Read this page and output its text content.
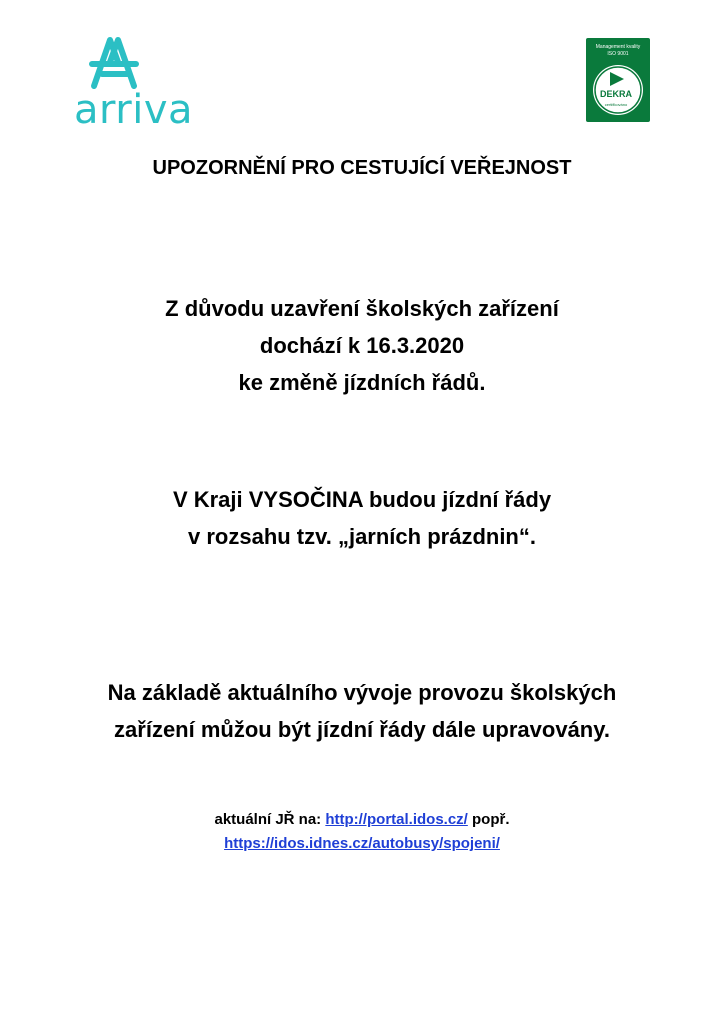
arriva
Management kvality
ISO 9001
DEKRA
certifikováno
UPOZORNĚNÍ PRO CESTUJÍCÍ VEŘEJNOST
Z důvodu uzavření školských zařízení
dochází k 16.3.2020
ke změně jízdních řádů.
V Kraji VYSOČINA budou jízdní řády
v rozsahu tzv. „jarních prázdnin“.
Na základě aktuálního vývoje provozu školských
zařízení můžou být jízdní řády dále upravovány.
aktuální JŘ na: http://portal.idos.cz/ popř.
https://idos.idnes.cz/autobusy/spojeni/
